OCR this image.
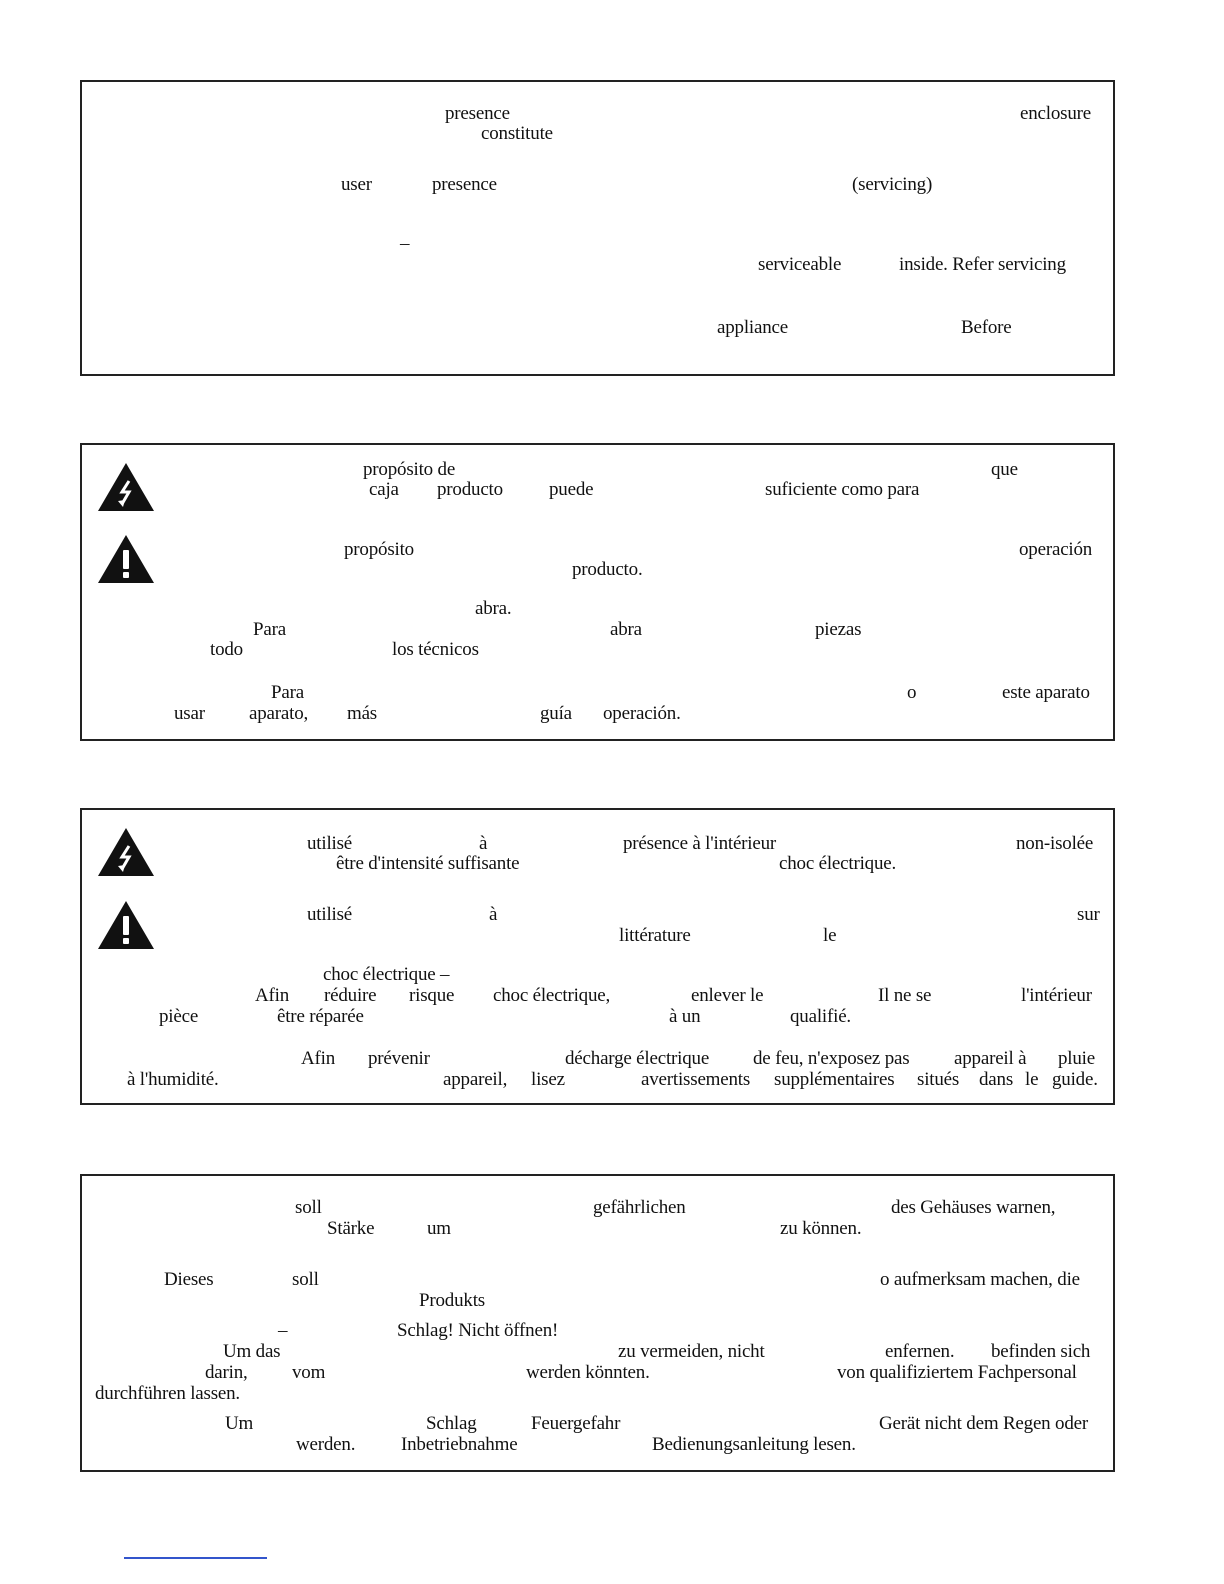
presence	enclosure
constitute
user	presence	(servicing)
–
serviceable	inside. Refer servicing
appliance	Before
propósito de	que
caja producto puede	suficiente como para
propósito	operación
producto.
abra.
Para	abra	piezas
todo	los técnicos
Para	o	este aparato
usar aparato, más	guía operación.
utilisé	à	présence à l'intérieur	non-isolée
être d'intensité suffisante	choc électrique.
utilisé	à	sur
littérature	le
choc électrique –
Afin réduire risque choc électrique,	enlever le	Il ne se	l'intérieur
pièce	être réparée	à un	qualifié.
Afin prévenir	décharge électrique de feu, n'exposez pas appareil à pluie
à l'humidité.	appareil, lisez	avertissements supplémentaires situés dans le guide.
soll	gefährlichen	des Gehäuses warnen,
Stärke	um	zu können.
Dieses	soll	o aufmerksam machen, die
Produkts
–	Schlag! Nicht öffnen!
Um das	zu vermeiden, nicht	enfernen. befinden sich
darin, vom	werden könnten.	von qualifiziertem Fachpersonal
durchführen lassen.
Um	Schlag	Feuergefahr	Gerät nicht dem Regen oder
werden. Inbetriebnahme	Bedienungsanleitung lesen.
